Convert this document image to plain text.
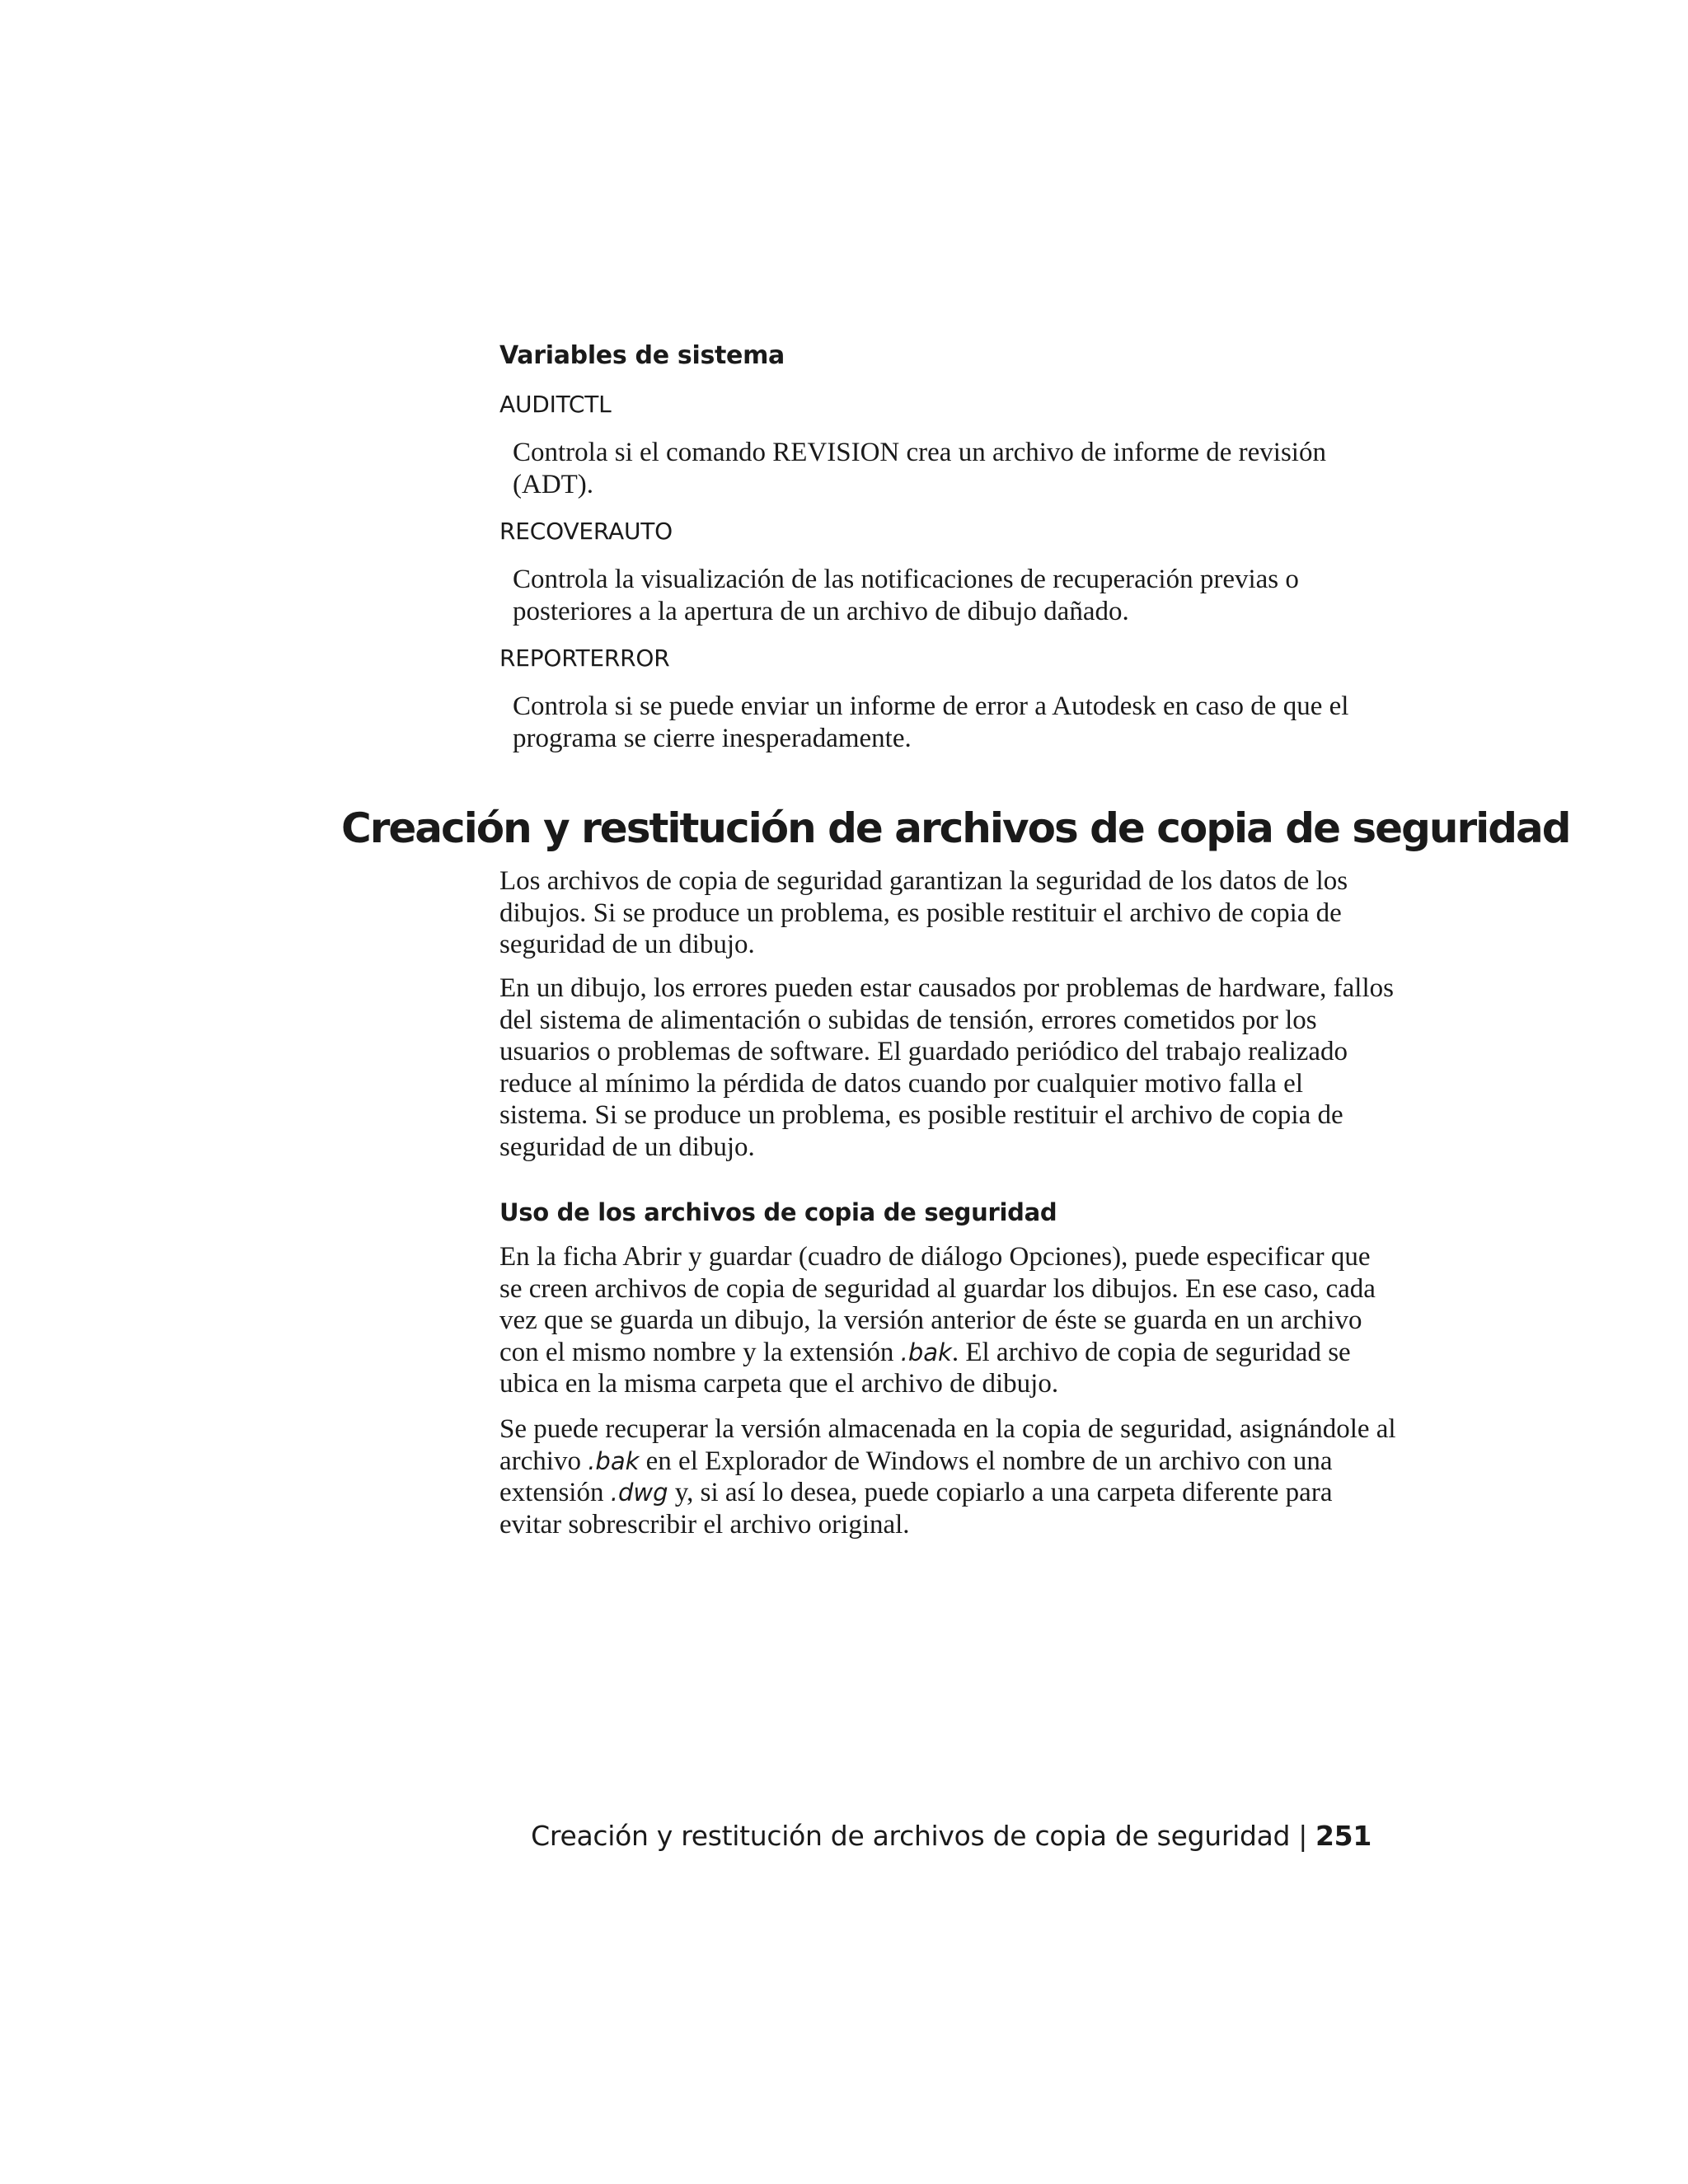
Variables de sistema
AUDITCTL
Controla si el comando REVISION crea un archivo de informe de revisión (ADT).
RECOVERAUTO
Controla la visualización de las notificaciones de recuperación previas o posteriores a la apertura de un archivo de dibujo dañado.
REPORTERROR
Controla si se puede enviar un informe de error a Autodesk en caso de que el programa se cierre inesperadamente.
Creación y restitución de archivos de copia de seguridad
Los archivos de copia de seguridad garantizan la seguridad de los datos de los dibujos. Si se produce un problema, es posible restituir el archivo de copia de seguridad de un dibujo.
En un dibujo, los errores pueden estar causados por problemas de hardware, fallos del sistema de alimentación o subidas de tensión, errores cometidos por los usuarios o problemas de software. El guardado periódico del trabajo realizado reduce al mínimo la pérdida de datos cuando por cualquier motivo falla el sistema. Si se produce un problema, es posible restituir el archivo de copia de seguridad de un dibujo.
Uso de los archivos de copia de seguridad
En la ficha Abrir y guardar (cuadro de diálogo Opciones), puede especificar que se creen archivos de copia de seguridad al guardar los dibujos. En ese caso, cada vez que se guarda un dibujo, la versión anterior de éste se guarda en un archivo con el mismo nombre y la extensión .bak. El archivo de copia de seguridad se ubica en la misma carpeta que el archivo de dibujo.
Se puede recuperar la versión almacenada en la copia de seguridad, asignándole al archivo .bak en el Explorador de Windows el nombre de un archivo con una extensión .dwg y, si así lo desea, puede copiarlo a una carpeta diferente para evitar sobrescribir el archivo original.
Creación y restitución de archivos de copia de seguridad | 251
